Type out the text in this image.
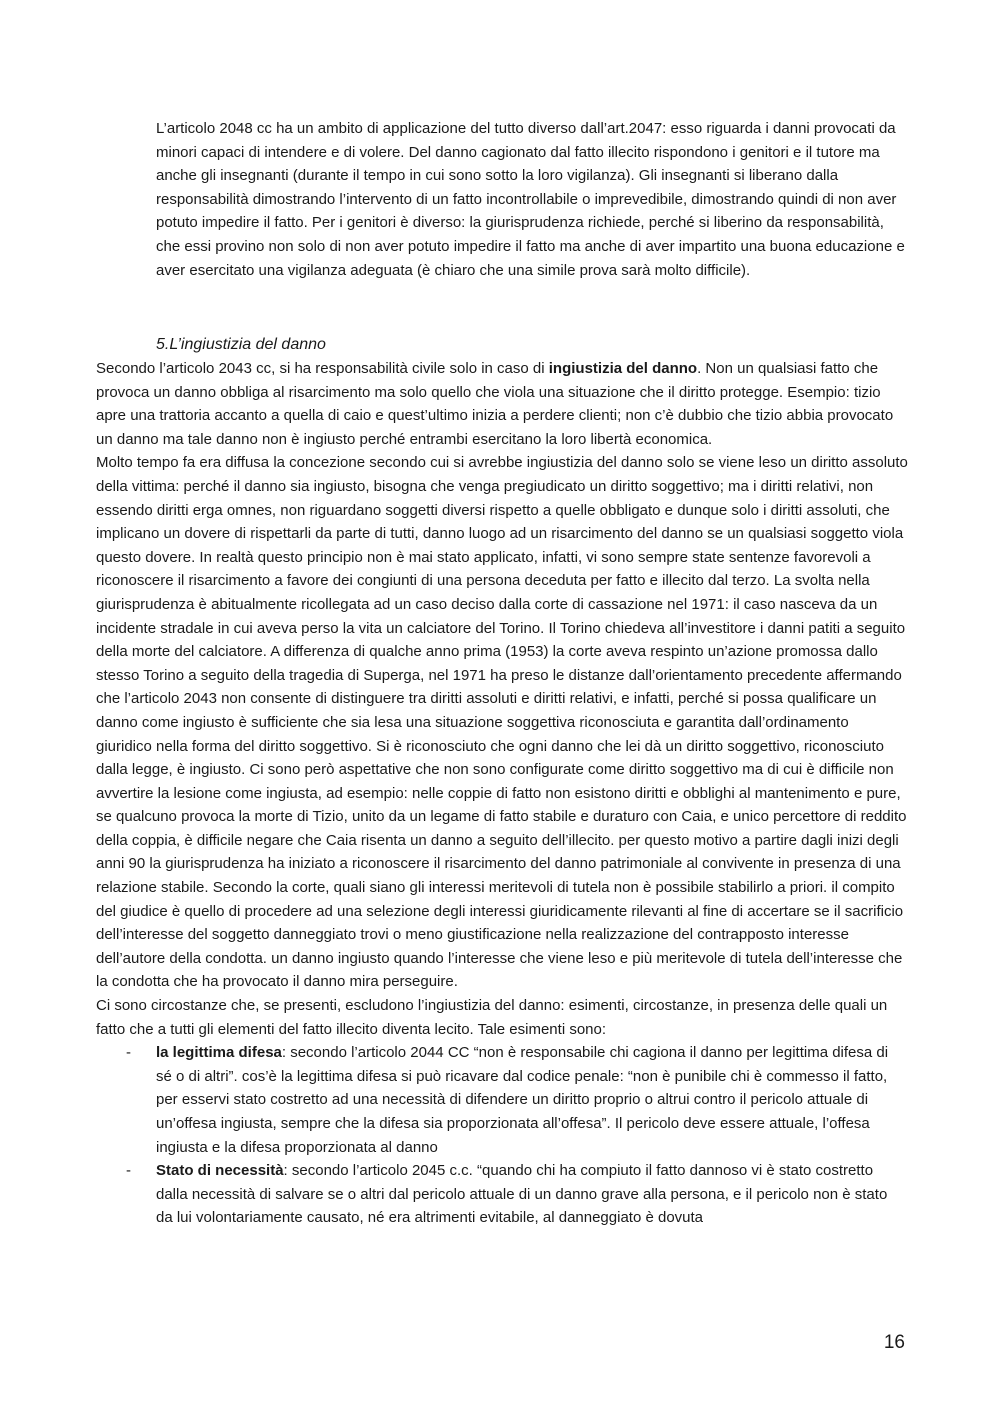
L’articolo 2048 cc ha un ambito di applicazione del tutto diverso dall’art.2047: esso riguarda i danni provocati da minori capaci di intendere e di volere. Del danno cagionato dal fatto illecito rispondono i genitori e il tutore ma anche gli insegnanti (durante il tempo in cui sono sotto la loro vigilanza). Gli insegnanti si liberano dalla responsabilità dimostrando l’intervento di un fatto incontrollabile o imprevedibile, dimostrando quindi di non aver potuto impedire il fatto. Per i genitori è diverso: la giurisprudenza richiede, perché si liberino da responsabilità, che essi provino non solo di non aver potuto impedire il fatto ma anche di aver impartito una buona educazione e aver esercitato una vigilanza adeguata (è chiaro che una simile prova sarà molto difficile).

5.L’ingiustizia del danno

Secondo l’articolo 2043 cc, si ha responsabilità civile solo in caso di ingiustizia del danno. Non un qualsiasi fatto che provoca un danno obbliga al risarcimento ma solo quello che viola una situazione che il diritto protegge. Esempio: tizio apre una trattoria accanto a quella di caio e quest’ultimo inizia a perdere clienti; non c’è dubbio che tizio abbia provocato un danno ma tale danno non è ingiusto perché entrambi esercitano la loro libertà economica.

Molto tempo fa era diffusa la concezione secondo cui si avrebbe ingiustizia del danno solo se viene leso un diritto assoluto della vittima: perché il danno sia ingiusto, bisogna che venga pregiudicato un diritto soggettivo; ma i diritti relativi, non essendo diritti erga omnes, non riguardano soggetti diversi rispetto a quelle obbligato e dunque solo i diritti assoluti, che implicano un dovere di rispettarli da parte di tutti, danno luogo ad un risarcimento del danno se un qualsiasi soggetto viola questo dovere. In realtà questo principio non è mai stato applicato, infatti, vi sono sempre state sentenze favorevoli a riconoscere il risarcimento a favore dei congiunti di una persona deceduta per fatto e illecito dal terzo. La svolta nella giurisprudenza è abitualmente ricollegata ad un caso deciso dalla corte di cassazione nel 1971: il caso nasceva da un incidente stradale in cui aveva perso la vita un calciatore del Torino. Il Torino chiedeva all’investitore i danni patiti a seguito della morte del calciatore. A differenza di qualche anno prima (1953) la corte aveva respinto un’azione promossa dallo stesso Torino a seguito della tragedia di Superga, nel 1971 ha preso le distanze dall’orientamento precedente affermando che l’articolo 2043 non consente di distinguere tra diritti assoluti e diritti relativi, e infatti, perché si possa qualificare un danno come ingiusto è sufficiente che sia lesa una situazione soggettiva riconosciuta e garantita dall’ordinamento giuridico nella forma del diritto soggettivo. Si è riconosciuto che ogni danno che lei dà un diritto soggettivo, riconosciuto dalla legge, è ingiusto. Ci sono però aspettative che non sono configurate come diritto soggettivo ma di cui è difficile non avvertire la lesione come ingiusta, ad esempio: nelle coppie di fatto non esistono diritti e obblighi al mantenimento e pure, se qualcuno provoca la morte di Tizio, unito da un legame di fatto stabile e duraturo con Caia, e unico percettore di reddito della coppia, è difficile negare che Caia risenta un danno a seguito dell’illecito. per questo motivo a partire dagli inizi degli anni 90 la giurisprudenza ha iniziato a riconoscere il risarcimento del danno patrimoniale al convivente in presenza di una relazione stabile. Secondo la corte, quali siano gli interessi meritevoli di tutela non è possibile stabilirlo a priori. il compito del giudice è quello di procedere ad una selezione degli interessi giuridicamente rilevanti al fine di accertare se il sacrificio dell’interesse del soggetto danneggiato trovi o meno giustificazione nella realizzazione del contrapposto interesse dell’autore della condotta. un danno ingiusto quando l’interesse che viene leso e più meritevole di tutela dell’interesse che la condotta che ha provocato il danno mira perseguire.

Ci sono circostanze che, se presenti, escludono l’ingiustizia del danno: esimenti, circostanze, in presenza delle quali un fatto che a tutti gli elementi del fatto illecito diventa lecito. Tale esimenti sono:

- la legittima difesa: secondo l’articolo 2044 CC “non è responsabile chi cagiona il danno per legittima difesa di sé o di altri”. cos’è la legittima difesa si può ricavare dal codice penale: “non è punibile chi è commesso il fatto, per esservi stato costretto ad una necessità di difendere un diritto proprio o altrui contro il pericolo attuale di un’offesa ingiusta, sempre che la difesa sia proporzionata all’offesa”. Il pericolo deve essere attuale, l’offesa ingiusta e la difesa proporzionata al danno
- Stato di necessità: secondo l’articolo 2045 c.c. “quando chi ha compiuto il fatto dannoso vi è stato costretto dalla necessità di salvare se o altri dal pericolo attuale di un danno grave alla persona, e il pericolo non è stato da lui volontariamente causato, né era altrimenti evitabile, al danneggiato è dovuta
16
